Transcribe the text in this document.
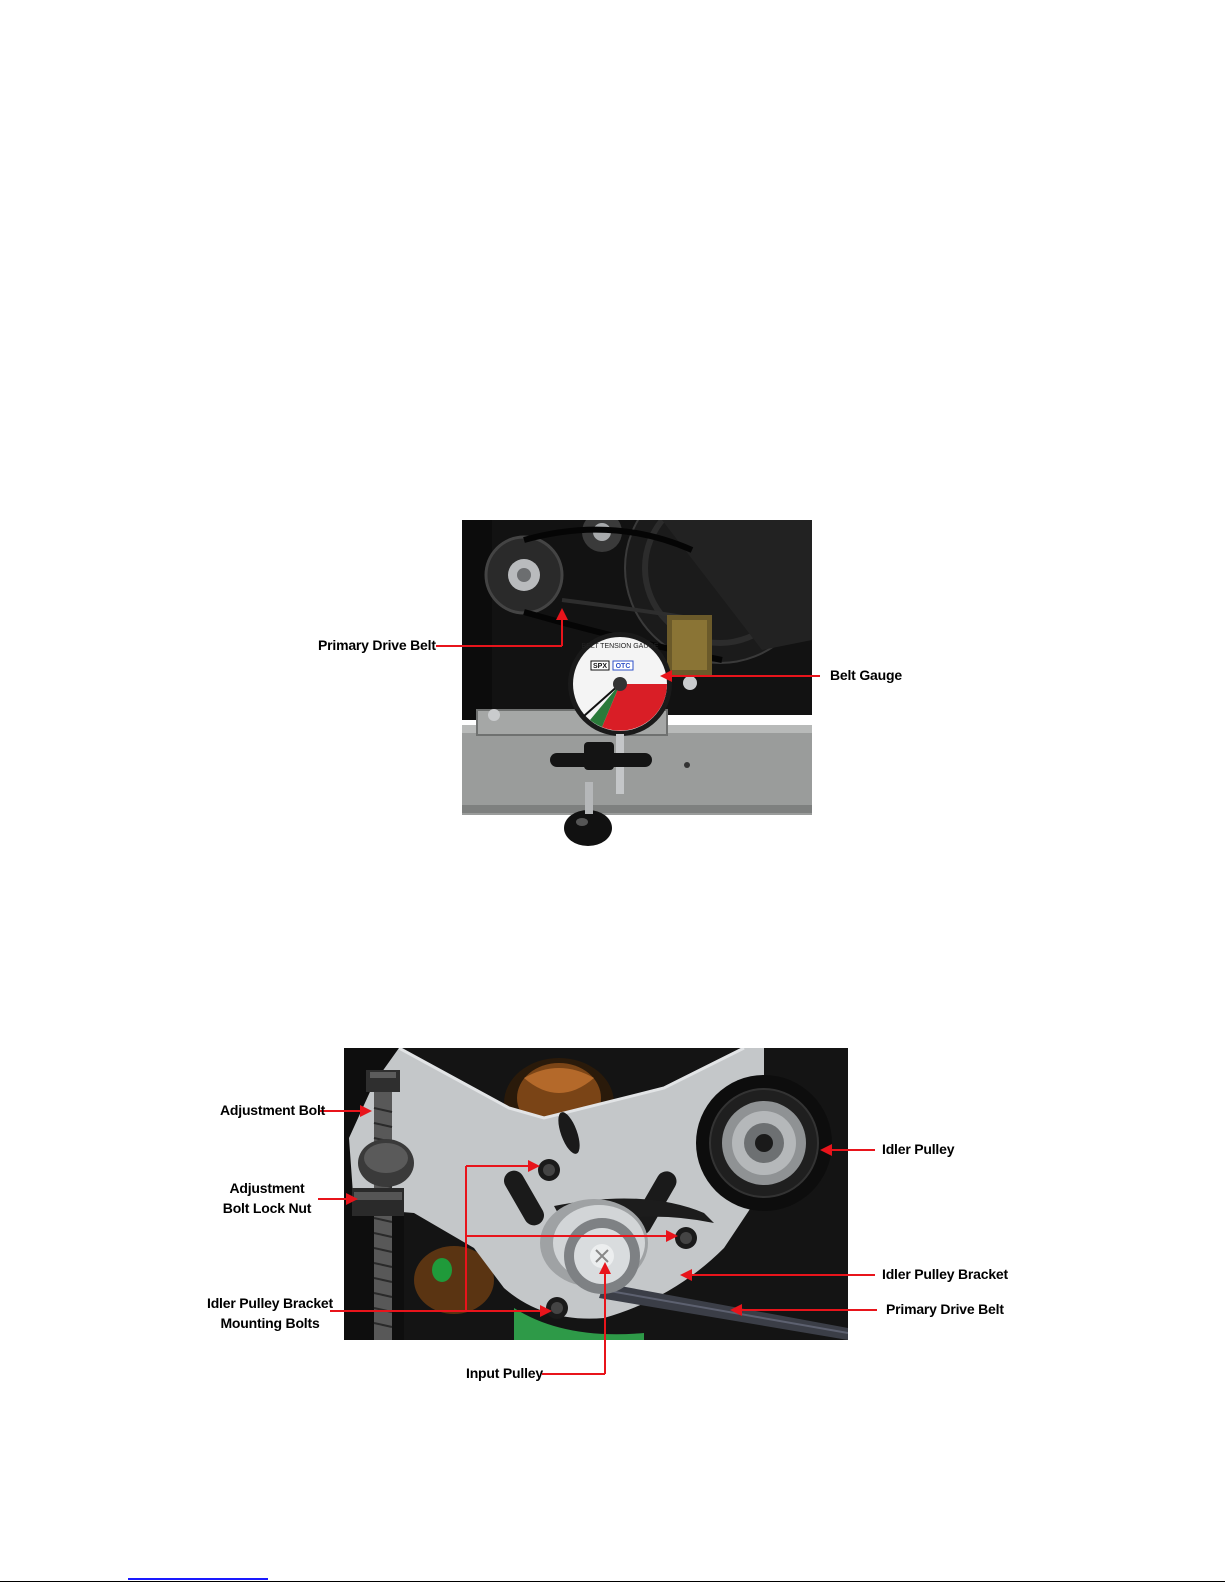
BELT TENSION GAUGE
SPX OTC
Primary Drive Belt
Belt Gauge
Adjustment Bolt
Adjustment
Bolt Lock Nut
Idler Pulley Bracket
Mounting Bolts
Idler Pulley
Idler Pulley Bracket
Primary Drive Belt
Input Pulley
